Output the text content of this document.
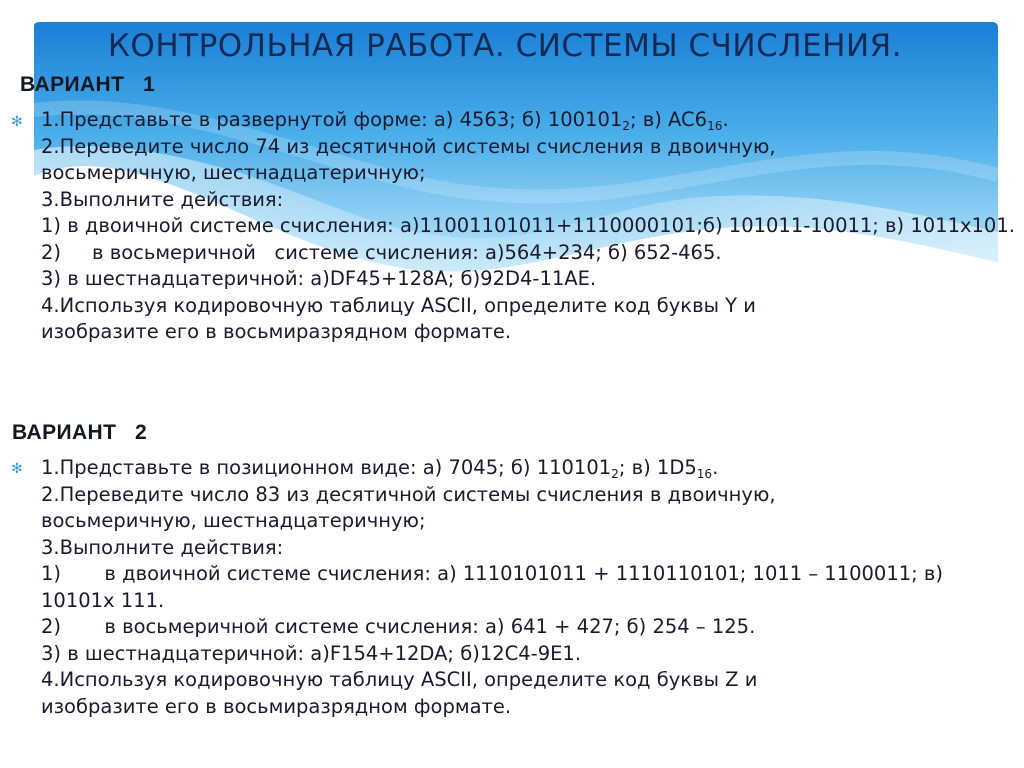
КОНТРОЛЬНАЯ РАБОТА. СИСТЕМЫ СЧИСЛЕНИЯ.
ВАРИАНТ   1
✻ 1.Представьте в развернутой форме: а) 4563; б) $100101_2$; в) $AC6_{16}$.
2.Переведите число 74 из десятичной системы счисления в двоичную,
восьмеричную, шестнадцатеричную;
3.Выполните действия:
1) в двоичной системе счисления: а)11001101011+1110000101;б) 101011-10011; в) 1011х101.
2)     в восьмеричной   системе счисления: а)564+234; б) 652-465.
3) в шестнадцатеричной: а)DF45+128A; б)92D4-11AE.
4.Используя кодировочную таблицу ASCII, определите код буквы Y и
изобразите его в восьмиразрядном формате.
ВАРИАНТ   2
✻ 1.Представьте в позиционном виде: а) 7045; б) $110101_2$; в) $1D5_{16}$.
2.Переведите число 83 из десятичной системы счисления в двоичную,
восьмеричную, шестнадцатеричную;
3.Выполните действия:
1)       в двоичной системе счисления: а) 1110101011 + 1110110101; 1011 – 1100011; в) 10101х 111.
2)       в восьмеричной системе счисления: а) 641 + 427; б) 254 – 125.
3) в шестнадцатеричной: а)F154+12DA; б)12C4-9E1.
4.Используя кодировочную таблицу ASCII, определите код буквы Z и
изобразите его в восьмиразрядном формате.
